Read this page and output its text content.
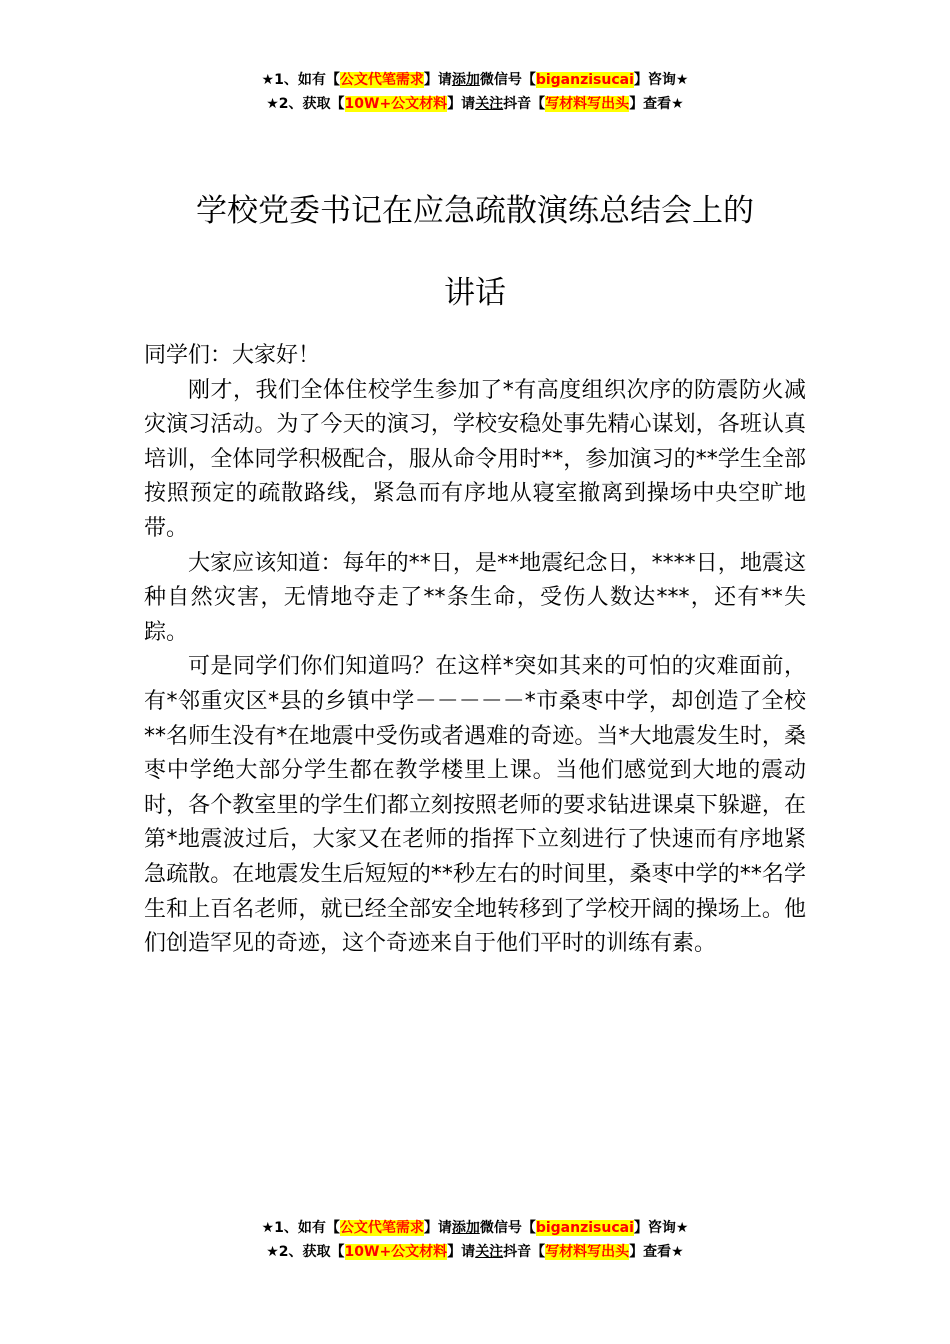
★1、如有【公文代笔需求】请添加微信号【biganzisucai】咨询★
★2、获取【10W+公文材料】请关注抖音【写材料写出头】查看★
学校党委书记在应急疏散演练总结会上的
讲话

同学们：大家好！

刚才，我们全体住校学生参加了*有高度组织次序的防震防火减灾演习活动。为了今天的演习，学校安稳处事先精心谋划，各班认真培训，全体同学积极配合，服从命令用时**，参加演习的**学生全部按照预定的疏散路线，紧急而有序地从寝室撤离到操场中央空旷地带。

大家应该知道：每年的**日，是**地震纪念日，****日，地震这种自然灾害，无情地夺走了**条生命，受伤人数达***，还有**失踪。

可是同学们你们知道吗？在这样*突如其来的可怕的灾难面前，有*邻重灾区*县的乡镇中学－－－－－*市桑枣中学，却创造了全校**名师生没有*在地震中受伤或者遇难的奇迹。当*大地震发生时，桑枣中学绝大部分学生都在教学楼里上课。当他们感觉到大地的震动时，各个教室里的学生们都立刻按照老师的要求钻进课桌下躲避，在第*地震波过后，大家又在老师的指挥下立刻进行了快速而有序地紧急疏散。在地震发生后短短的**秒左右的时间里，桑枣中学的**名学生和上百名老师，就已经全部安全地转移到了学校开阔的操场上。他们创造罕见的奇迹，这个奇迹来自于他们平时的训练有素。

★1、如有【公文代笔需求】请添加微信号【biganzisucai】咨询★
★2、获取【10W+公文材料】请关注抖音【写材料写出头】查看★
